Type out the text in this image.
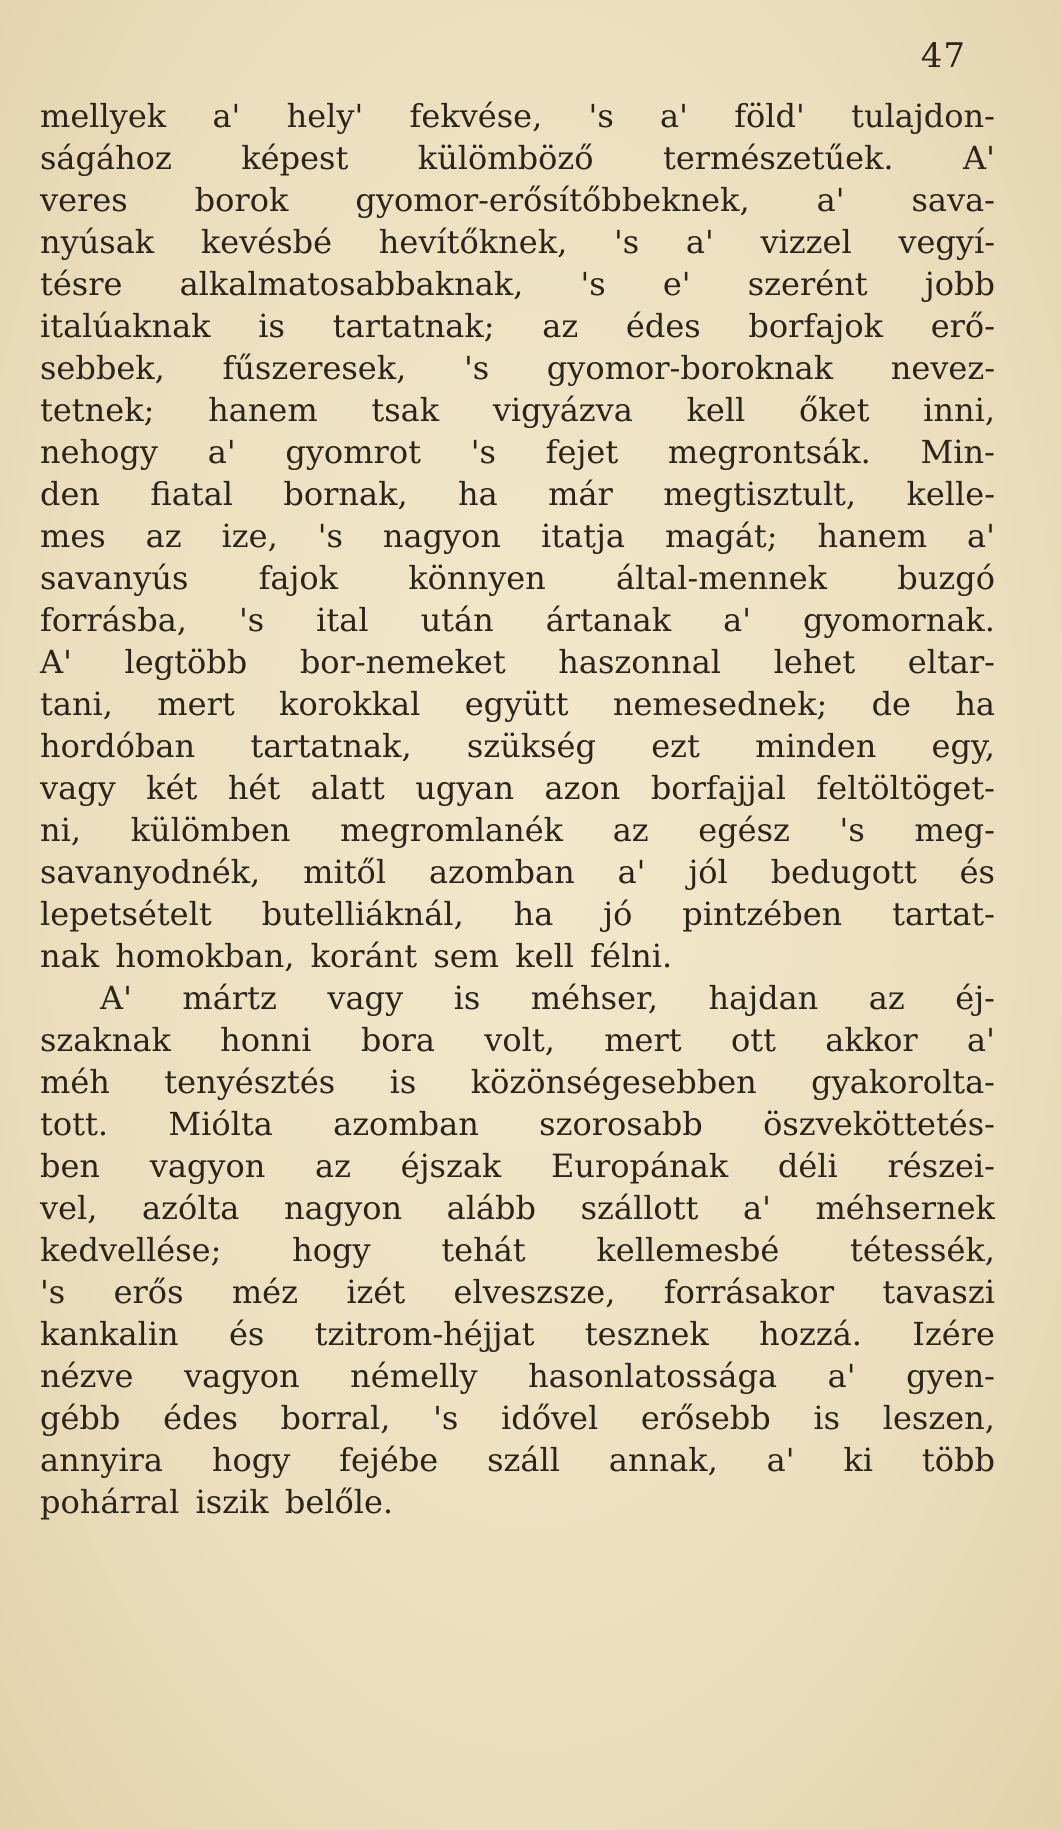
47
mellyek a' hely' fekvése, 's a' föld' tulajdon-
ságához képest külömböző természetűek. A'
veres borok gyomor-erősítőbbeknek, a' sava-
nyúsak kevésbé hevítőknek, 's a' vizzel vegyí-
tésre alkalmatosabbaknak, 's e' szerént jobb
italúaknak is tartatnak; az édes borfajok erő-
sebbek, fűszeresek, 's gyomor-boroknak nevez-
tetnek; hanem tsak vigyázva kell őket inni,
nehogy a' gyomrot 's fejet megrontsák. Min-
den fiatal bornak, ha már megtisztult, kelle-
mes az ize, 's nagyon itatja magát; hanem a'
savanyús fajok könnyen által-mennek buzgó
forrásba, 's ital után ártanak a' gyomornak.
A' legtöbb bor-nemeket haszonnal lehet eltar-
tani, mert korokkal együtt nemesednek; de ha
hordóban tartatnak, szükség ezt minden egy,
vagy két hét alatt ugyan azon borfajjal feltöltöget-
ni, külömben megromlanék az egész 's meg-
savanyodnék, mitől azomban a' jól bedugott és
lepetsételt butelliáknál, ha jó pintzében tartat-
nak homokban, koránt sem kell félni.
A' mártz vagy is méhser, hajdan az éj-
szaknak honni bora volt, mert ott akkor a'
méh tenyésztés is közönségesebben gyakorolta-
tott. Miólta azomban szorosabb öszveköttetés-
ben vagyon az éjszak Europának déli részei-
vel, azólta nagyon alább szállott a' méhsernek
kedvellése; hogy tehát kellemesbé tétessék,
's erős méz izét elveszsze, forrásakor tavaszi
kankalin és tzitrom-héjjat tesznek hozzá. Izére
nézve vagyon némelly hasonlatossága a' gyen-
gébb édes borral, 's idővel erősebb is leszen,
annyira hogy fejébe száll annak, a' ki több
pohárral iszik belőle.
